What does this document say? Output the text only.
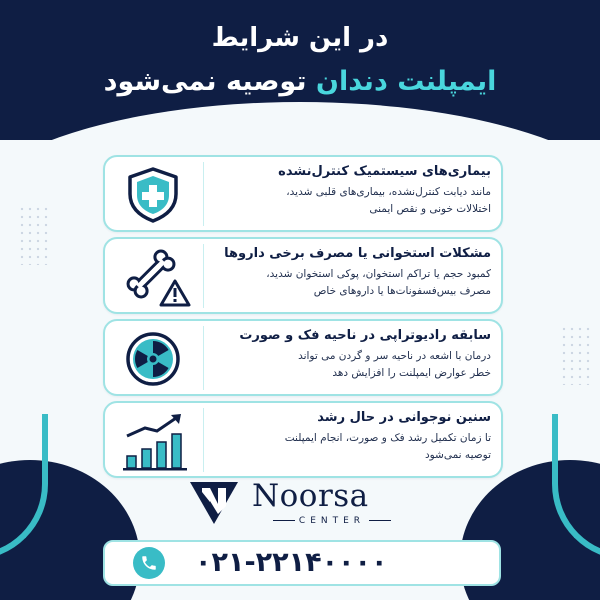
در این شرایط
ایمپلنت دندان توصیه نمی‌شود
بیماری‌های سیستمیک کنترل‌نشده
مانند دیابت کنترل‌نشده، بیماری‌های قلبی شدید،
اختلالات خونی و نقص ایمنی
مشکلات استخوانی یا مصرف برخی داروها
کمبود حجم یا تراکم استخوان، پوکی استخوان شدید،
مصرف بیس‌فسفونات‌ها یا داروهای خاص
سابقه رادیوتراپی در ناحیه فک و صورت
درمان با اشعه در ناحیه سر و گردن می تواند
خطر عوارض ایمپلنت را افزایش دهد
سنین نوجوانی در حال رشد
تا زمان تکمیل رشد فک و صورت، انجام ایمپلنت
توصیه نمی‌شود
Noorsa
CENTER
۰۲۱-۲۲۱۴۰۰۰۰
